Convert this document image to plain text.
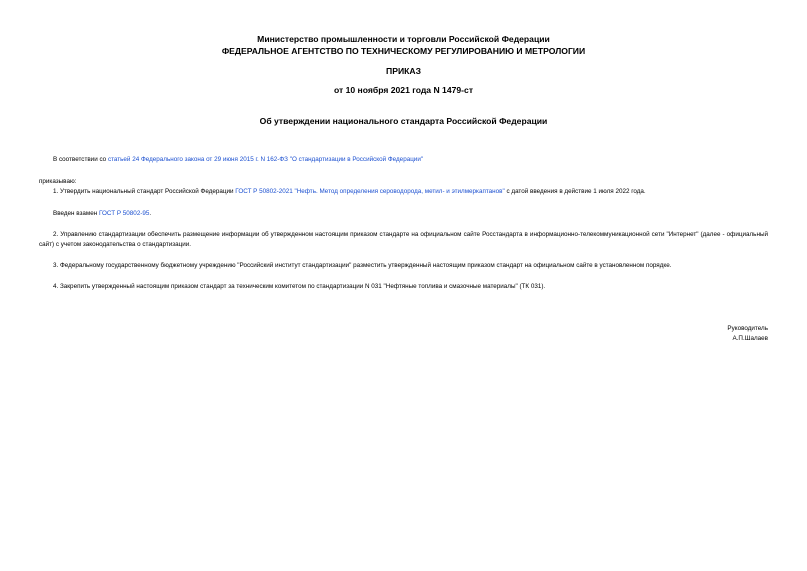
Министерство промышленности и торговли Российской Федерации
ФЕДЕРАЛЬНОЕ АГЕНТСТВО ПО ТЕХНИЧЕСКОМУ РЕГУЛИРОВАНИЮ И МЕТРОЛОГИИ
ПРИКАЗ
от 10 ноября 2021 года N 1479-ст
Об утверждении национального стандарта Российской Федерации
В соответствии со статьей 24 Федерального закона от 29 июня 2015 г. N 162-ФЗ "О стандартизации в Российской Федерации"
приказываю:
1. Утвердить национальный стандарт Российской Федерации ГОСТ Р 50802-2021 "Нефть. Метод определения сероводорода, метил- и этилмеркаптанов" с датой введения в действие 1 июля 2022 года.
Введен взамен ГОСТ Р 50802-95.
2. Управлению стандартизации обеспечить размещение информации об утвержденном настоящим приказом стандарте на официальном сайте Росстандарта в информационно-телекоммуникационной сети "Интернет" (далее - официальный сайт) с учетом законодательства о стандартизации.
3. Федеральному государственному бюджетному учреждению "Российский институт стандартизации" разместить утвержденный настоящим приказом стандарт на официальном сайте в установленном порядке.
4. Закрепить утвержденный настоящим приказом стандарт за техническим комитетом по стандартизации N 031 "Нефтяные топлива и смазочные материалы" (ТК 031).
Руководитель
А.П.Шалаев
